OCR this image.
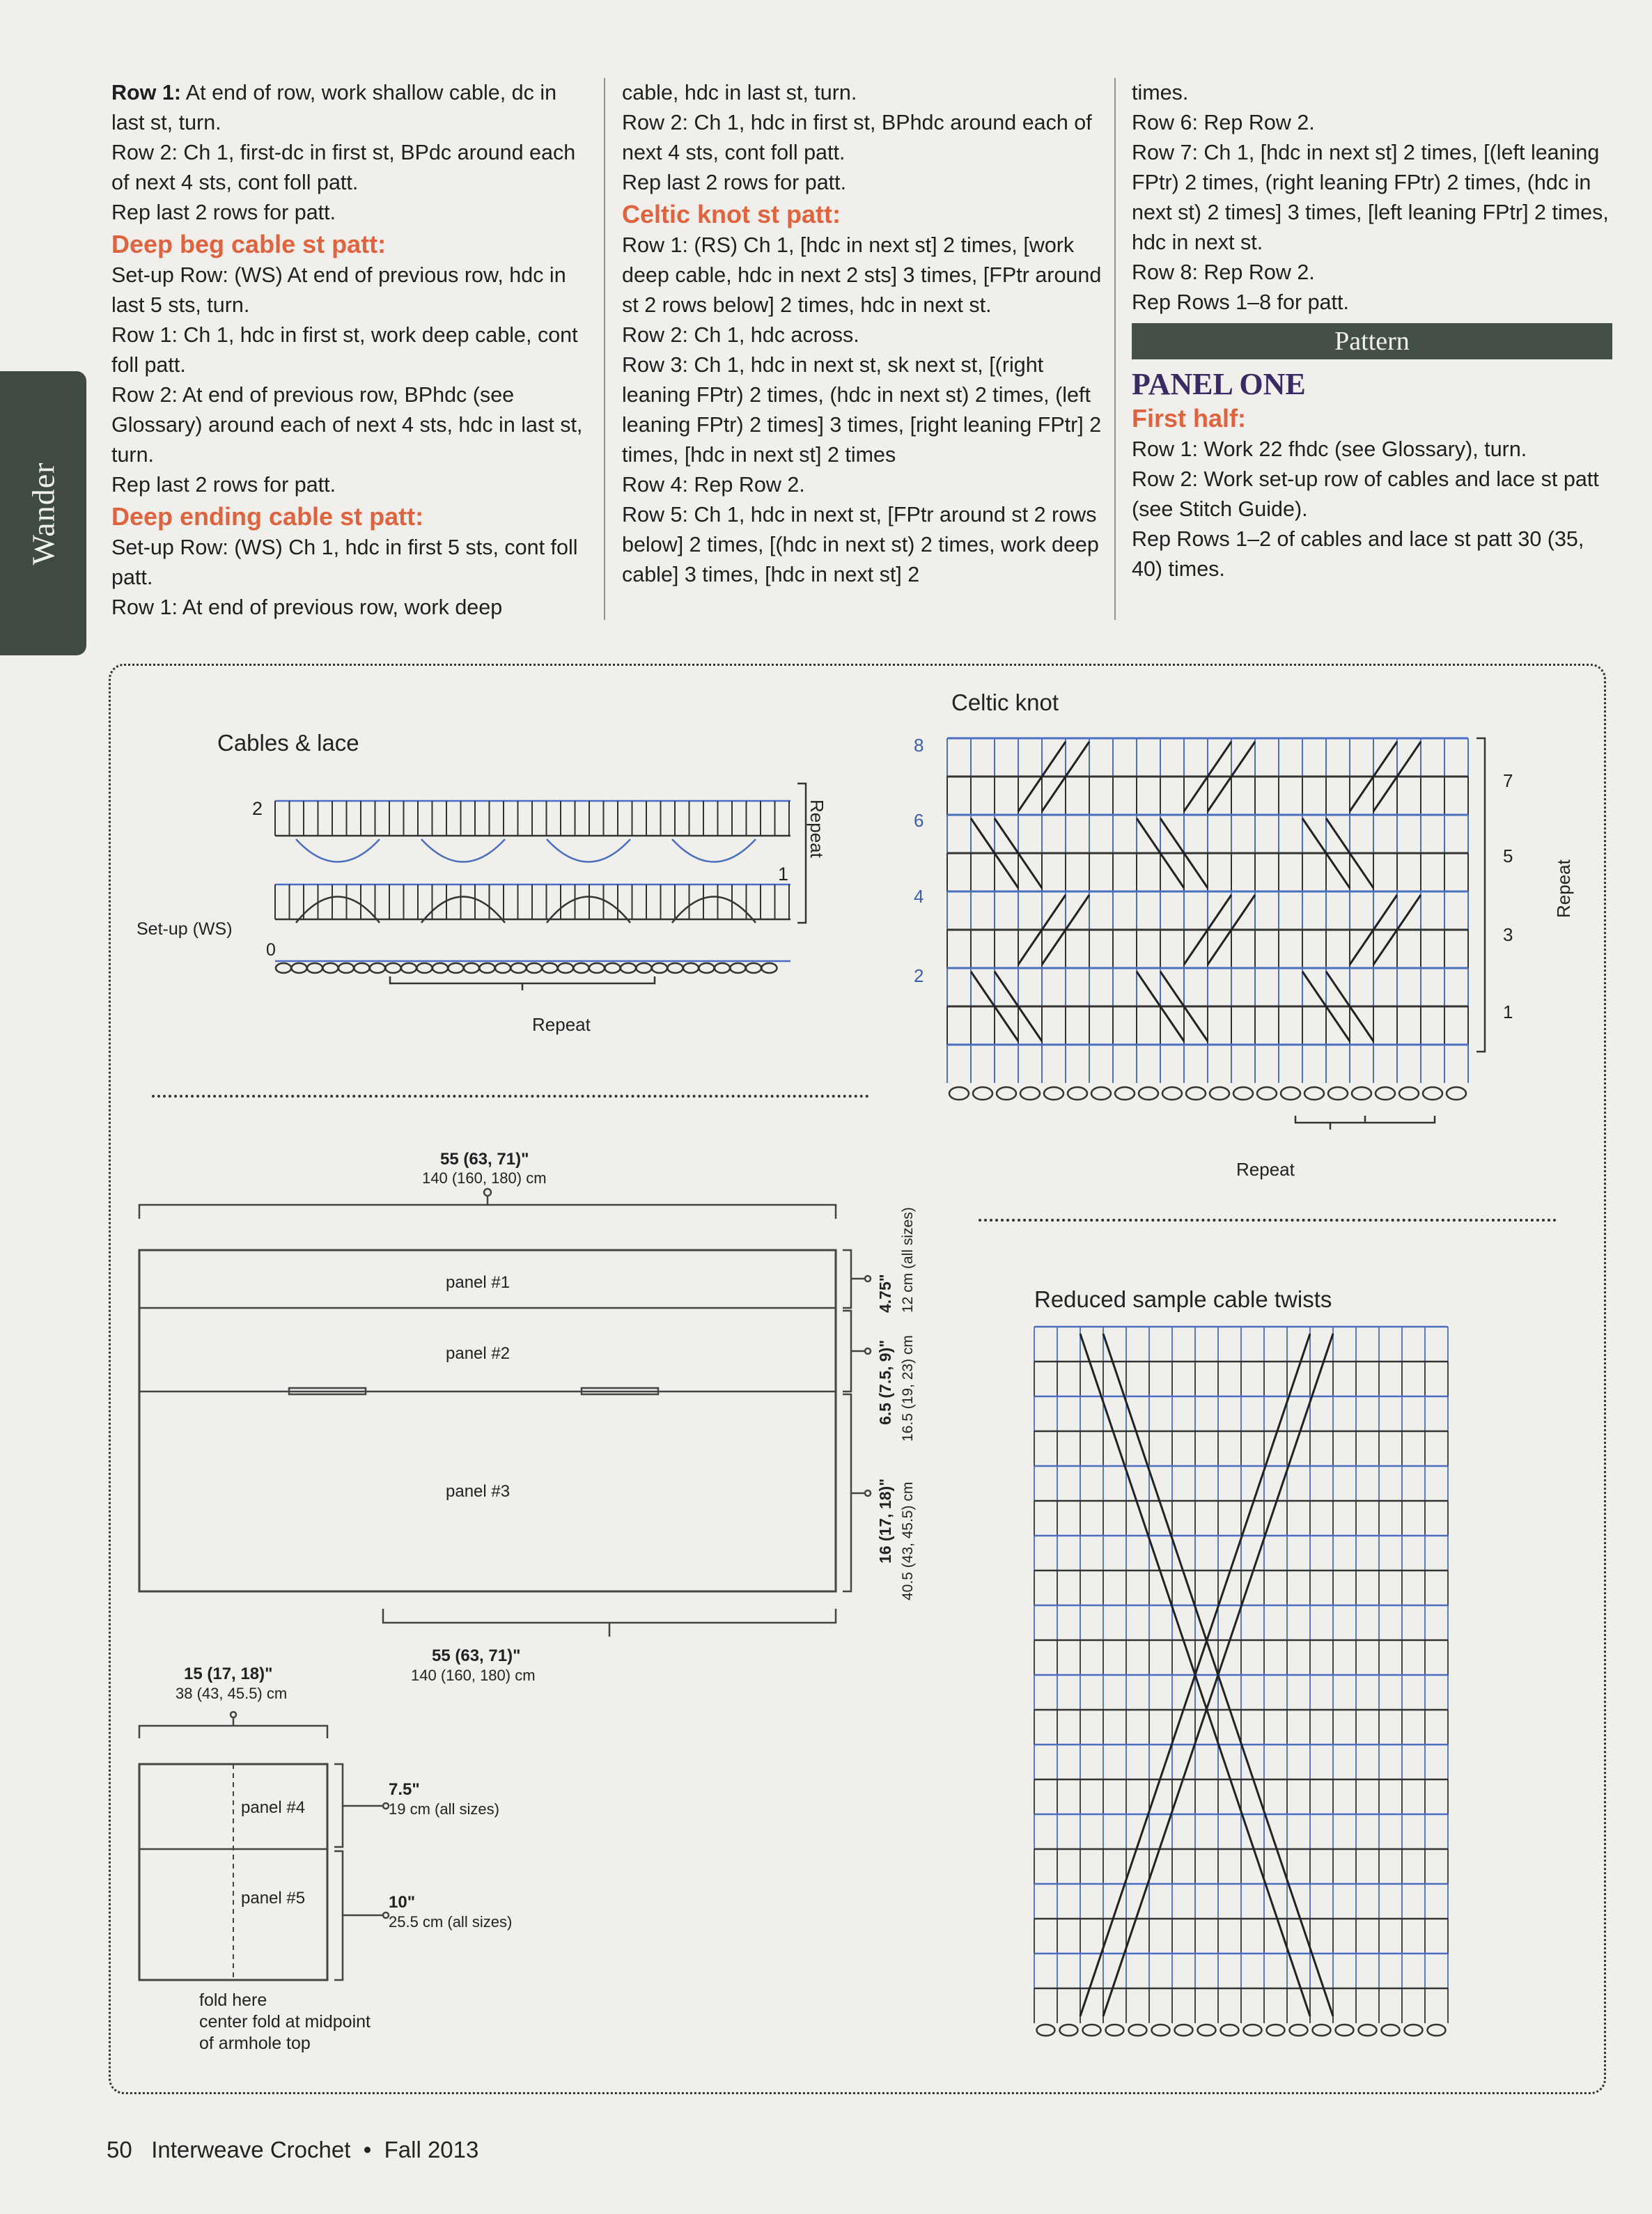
Wander

Row 1: At end of row, work shallow cable, dc in last st, turn.

Row 2: Ch 1, first-dc in first st, BPdc around each of next 4 sts, cont foll patt.

Rep last 2 rows for patt.

Deep beg cable st patt:

Set-up Row: (WS) At end of previous row, hdc in last 5 sts, turn.

Row 1: Ch 1, hdc in first st, work deep cable, cont foll patt.

Row 2: At end of previous row, BPhdc (see Glossary) around each of next 4 sts, hdc in last st, turn.

Rep last 2 rows for patt.

Deep ending cable st patt:

Set-up Row: (WS) Ch 1, hdc in first 5 sts, cont foll patt.

Row 1: At end of previous row, work deep

cable, hdc in last st, turn.

Row 2: Ch 1, hdc in first st, BPhdc around each of next 4 sts, cont foll patt.

Rep last 2 rows for patt.

Celtic knot st patt:

Row 1: (RS) Ch 1, [hdc in next st] 2 times, [work deep cable, hdc in next 2 sts] 3 times, [FPtr around st 2 rows below] 2 times, hdc in next st.

Row 2: Ch 1, hdc across.

Row 3: Ch 1, hdc in next st, sk next st, [(right leaning FPtr) 2 times, (hdc in next st) 2 times, (left leaning FPtr) 2 times] 3 times, [right leaning FPtr] 2 times, [hdc in next st] 2 times

Row 4: Rep Row 2.

Row 5: Ch 1, hdc in next st, [FPtr around st 2 rows below] 2 times, [(hdc in next st) 2 times, work deep cable] 3 times, [hdc in next st] 2

times.

Row 6: Rep Row 2.

Row 7: Ch 1, [hdc in next st] 2 times, [(left leaning FPtr) 2 times, (right leaning FPtr) 2 times, (hdc in next st) 2 times] 3 times, [left leaning FPtr] 2 times, hdc in next st.

Row 8: Rep Row 2.

Rep Rows 1–8 for patt.

Pattern
PANEL ONE
First half:

Row 1: Work 22 fhdc (see Glossary), turn.

Row 2: Work set-up row of cables and lace st patt (see Stitch Guide).

Rep Rows 1–2 of cables and lace st patt 30 (35, 40) times.

Cables & lace
2
1
Set-up (WS)
0
Repeat
Repeat
Celtic knot
8
6
4
2
7
5
3
1
Repeat
Repeat
Reduced sample cable twists
55 (63, 71)"
140 (160, 180) cm
panel #1
panel #2
panel #3
4.75" 12 cm (all sizes)
6.5 (7.5, 9)" 16.5 (19, 23) cm
16 (17, 18)" 40.5 (43, 45.5) cm
55 (63, 71)"
140 (160, 180) cm
15 (17, 18)"
38 (43, 45.5) cm
panel #4
panel #5
7.5"
19 cm (all sizes)
10"
25.5 cm (all sizes)
fold here
center fold at midpoint
of armhole top
50 Interweave Crochet  •  Fall 2013
